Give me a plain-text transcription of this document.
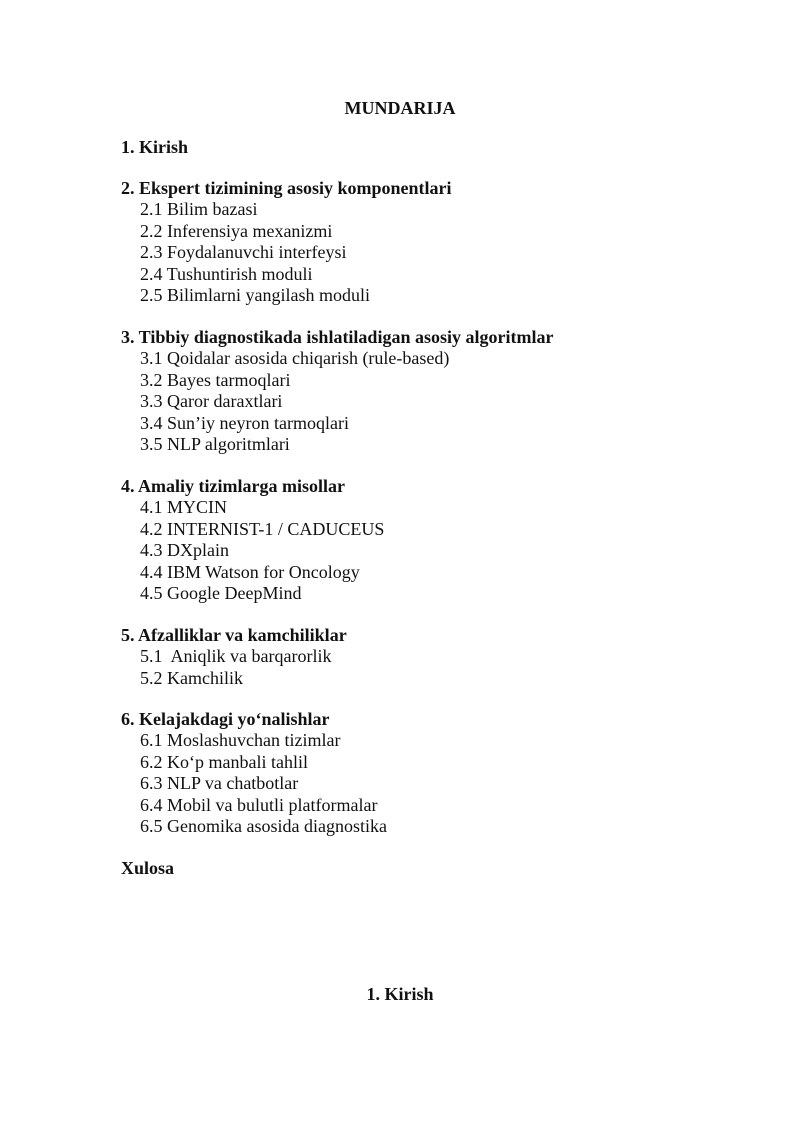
MUNDARIJA

1. Kirish

2. Ekspert tizimining asosiy komponentlari

2.1 Bilim bazasi

2.2 Inferensiya mexanizmi

2.3 Foydalanuvchi interfeysi

2.4 Tushuntirish moduli

2.5 Bilimlarni yangilash moduli

3. Tibbiy diagnostikada ishlatiladigan asosiy algoritmlar

3.1 Qoidalar asosida chiqarish (rule-based)

3.2 Bayes tarmoqlari

3.3 Qaror daraxtlari

3.4 Sun’iy neyron tarmoqlari

3.5 NLP algoritmlari

4. Amaliy tizimlarga misollar

4.1 MYCIN

4.2 INTERNIST-1 / CADUCEUS

4.3 DXplain

4.4 IBM Watson for Oncology

4.5 Google DeepMind

5. Afzalliklar va kamchiliklar

5.1  Aniqlik va barqarorlik

5.2 Kamchilik

6. Kelajakdagi yo‘nalishlar

6.1 Moslashuvchan tizimlar

6.2 Ko‘p manbali tahlil

6.3 NLP va chatbotlar

6.4 Mobil va bulutli platformalar

6.5 Genomika asosida diagnostika

Xulosa

1. Kirish
